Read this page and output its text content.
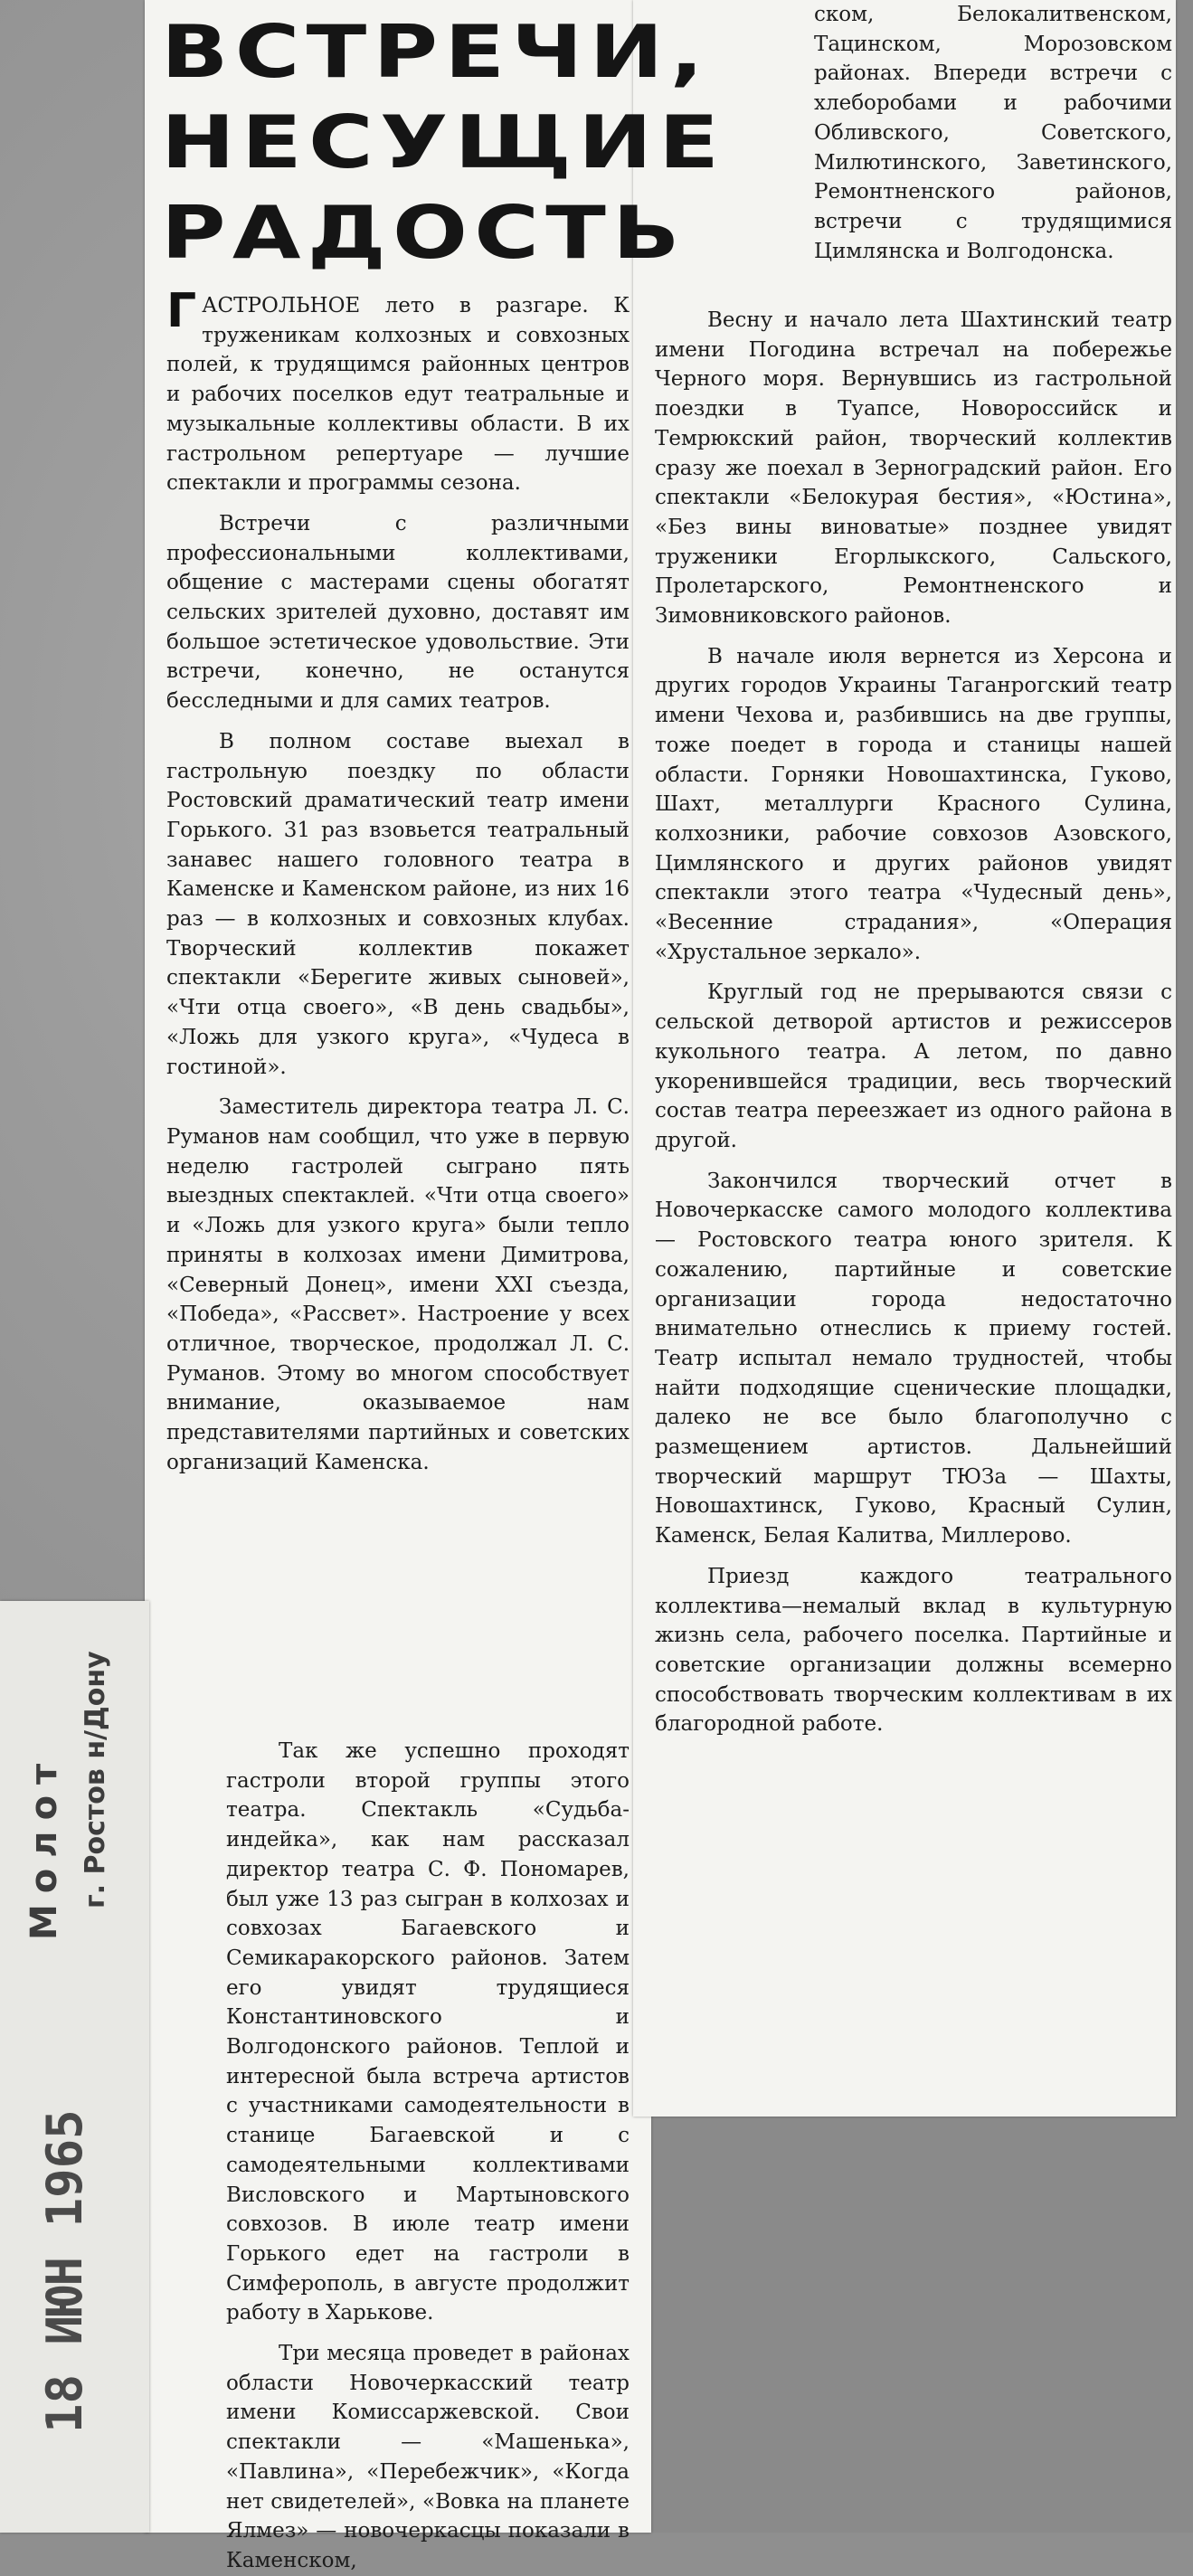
ВСТРЕЧИ,
НЕСУЩИЕ
РАДОСТЬ

ГАСТРОЛЬНОЕ лето в разгаре. К труженикам колхозных и совхозных полей, к трудящимся районных центров и рабочих поселков едут театральные и музыкальные коллективы области. В их гастрольном репертуаре — лучшие спектакли и программы сезона.

Встречи с различными профессиональными коллективами, общение с мастерами сцены обогатят сельских зрителей духовно, доставят им большое эстетическое удовольствие. Эти встречи, конечно, не останутся бесследными и для самих театров.

В полном составе выехал в гастрольную поездку по области Ростовский драматический театр имени Горького. 31 раз взовьется театральный занавес нашего головного театра в Каменске и Каменском районе, из них 16 раз — в колхозных и совхозных клубах. Творческий коллектив покажет спектакли «Берегите живых сыновей», «Чти отца своего», «В день свадьбы», «Ложь для узкого круга», «Чудеса в гостиной».

Заместитель директора театра Л. С. Руманов нам сообщил, что уже в первую неделю гастролей сыграно пять выездных спектаклей. «Чти отца своего» и «Ложь для узкого круга» были тепло приняты в колхозах имени Димитрова, «Северный Донец», имени XXI съезда, «Победа», «Рассвет». Настроение у всех отличное, творческое, продолжал Л. С. Руманов. Этому во многом способствует внимание, оказываемое нам представителями партийных и советских организаций Каменска.

Так же успешно проходят гастроли второй группы этого театра. Спектакль «Судьба-индейка», как нам рассказал директор театра С. Ф. Пономарев, был уже 13 раз сыгран в колхозах и совхозах Багаевского и Семикаракорского районов. Затем его увидят трудящиеся Константиновского и Волгодонского районов. Теплой и интересной была встреча артистов с участниками самодеятельности в станице Багаевской и с самодеятельными коллективами Висловского и Мартыновского совхозов. В июле театр имени Горького едет на гастроли в Симферополь, в августе продолжит работу в Харькове.

Три месяца проведет в районах области Новочеркасский театр имени Комиссаржевской. Свои спектакли — «Машенька», «Павлина», «Перебежчик», «Когда нет свидетелей», «Вовка на планете Ялмез» — новочеркасцы показали в Каменском,

ском, Белокалитвенском, Тацинском, Морозовском районах. Впереди встречи с хлеборобами и рабочими Обливского, Советского, Милютинского, Заветинского, Ремонтненского районов, встречи с трудящимися Цимлянска и Волгодонска.

Весну и начало лета Шахтинский театр имени Погодина встречал на побережье Черного моря. Вернувшись из гастрольной поездки в Туапсе, Новороссийск и Темрюкский район, творческий коллектив сразу же поехал в Зерноградский район. Его спектакли «Белокурая бестия», «Юстина», «Без вины виноватые» позднее увидят труженики Егорлыкского, Сальского, Пролетарского, Ремонтненского и Зимовниковского районов.

В начале июля вернется из Херсона и других городов Украины Таганрогский театр имени Чехова и, разбившись на две группы, тоже поедет в города и станицы нашей области. Горняки Новошахтинска, Гуково, Шахт, металлурги Красного Сулина, колхозники, рабочие совхозов Азовского, Цимлянского и других районов увидят спектакли этого театра «Чудесный день», «Весенние страдания», «Операция «Хрустальное зеркало».

Круглый год не прерываются связи с сельской детворой артистов и режиссеров кукольного театра. А летом, по давно укоренившейся традиции, весь творческий состав театра переезжает из одного района в другой.

Закончился творческий отчет в Новочеркасске самого молодого коллектива — Ростовского театра юного зрителя. К сожалению, партийные и советские организации города недостаточно внимательно отнеслись к приему гостей. Театр испытал немало трудностей, чтобы найти подходящие сценические площадки, далеко не все было благополучно с размещением артистов. Дальнейший творческий маршрут ТЮЗа — Шахты, Новошахтинск, Гуково, Красный Сулин, Каменск, Белая Калитва, Миллерово.

Приезд каждого театрального коллектива—немалый вклад в культурную жизнь села, рабочего поселка. Партийные и советские организации должны всемерно способствовать творческим коллективам в их благородной работе.

Молот г. Ростов н/Дону
18 ИЮН 1965
